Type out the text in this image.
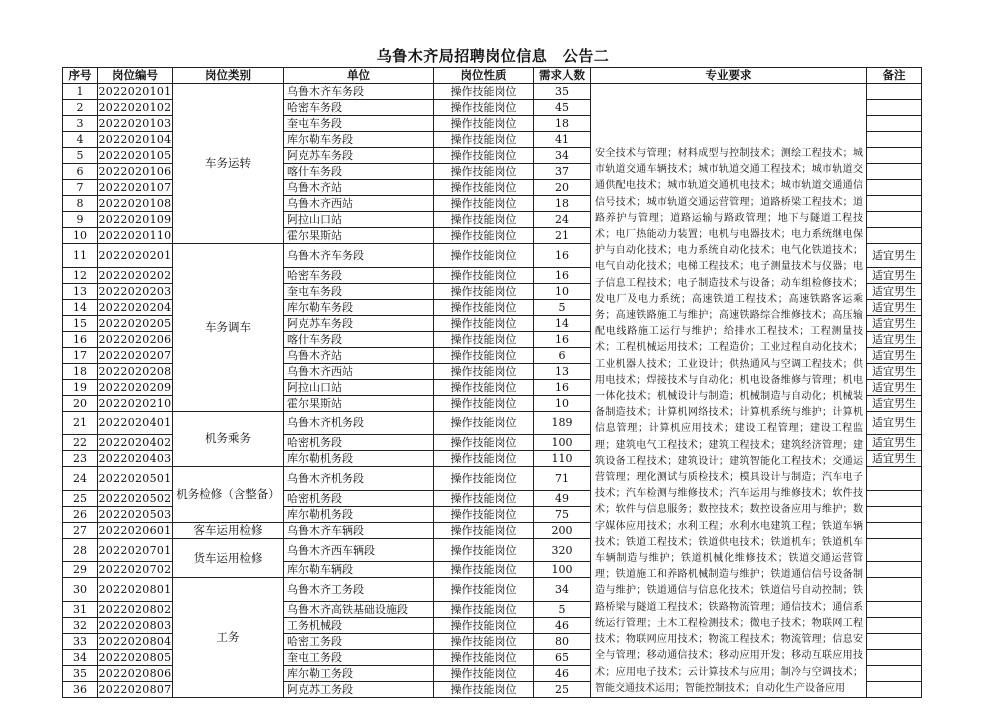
乌鲁木齐局招聘岗位信息　公告二
序号	岗位编号	岗位类别	单位	岗位性质	需求人数	专业要求	备注
1	2022020101	车务运转	乌鲁木齐车务段	操作技能岗位	35	安全技术与管理；材料成型与控制技术；测绘工程技术；城市轨道交通车辆技术；城市轨道交通工程技术；城市轨道交通供配电技术；城市轨道交通机电技术；城市轨道交通通信信号技术；城市轨道交通运营管理；道路桥梁工程技术；道路养护与管理；道路运输与路政管理；地下与隧道工程技术；电厂热能动力装置；电机与电器技术；电力系统继电保护与自动化技术；电力系统自动化技术；电气化铁道技术；电气自动化技术；电梯工程技术；电子测量技术与仪器；电子信息工程技术；电子制造技术与设备；动车组检修技术；发电厂及电力系统；高速铁道工程技术；高速铁路客运乘务；高速铁路施工与维护；高速铁路综合维修技术；高压输配电线路施工运行与维护；给排水工程技术；工程测量技术；工程机械运用技术；工程造价；工业过程自动化技术；工业机器人技术；工业设计；供热通风与空调工程技术；供用电技术；焊接技术与自动化；机电设备维修与管理；机电一体化技术；机械设计与制造；机械制造与自动化；机械装备制造技术；计算机网络技术；计算机系统与维护；计算机信息管理；计算机应用技术；建设工程管理；建设工程监理；建筑电气工程技术；建筑工程技术；建筑经济管理；建筑设备工程技术；建筑设计；建筑智能化工程技术；交通运营管理；理化测试与质检技术；模具设计与制造；汽车电子技术；汽车检测与维修技术；汽车运用与维修技术；软件技术；软件与信息服务；数控技术；数控设备应用与维护；数字媒体应用技术；水利工程；水利水电建筑工程；铁道车辆技术；铁道工程技术；铁道供电技术；铁道机车；铁道机车车辆制造与维护；铁道机械化维修技术；铁道交通运营管理；铁道施工和养路机械制造与维护；铁道通信信号设备制造与维护；铁道通信与信息化技术；铁道信号自动控制；铁路桥梁与隧道工程技术；铁路物流管理；通信技术；通信系统运行管理；土木工程检测技术；微电子技术；物联网工程技术；物联网应用技术；物流工程技术；物流管理；信息安全与管理；移动通信技术；移动应用开发；移动互联应用技术；应用电子技术；云计算技术与应用；制冷与空调技术；智能交通技术运用；智能控制技术；自动化生产设备应用	
2	2022020102		哈密车务段	操作技能岗位	45		
3	2022020103		奎屯车务段	操作技能岗位	18		
4	2022020104		库尔勒车务段	操作技能岗位	41		
5	2022020105		阿克苏车务段	操作技能岗位	34		
6	2022020106		喀什车务段	操作技能岗位	37		
7	2022020107		乌鲁木齐站	操作技能岗位	20		
8	2022020108		乌鲁木齐西站	操作技能岗位	18		
9	2022020109		阿拉山口站	操作技能岗位	24		
10	2022020110		霍尔果斯站	操作技能岗位	21		
11	2022020201	车务调车	乌鲁木齐车务段	操作技能岗位	16		适宜男生
12	2022020202		哈密车务段	操作技能岗位	16		适宜男生
13	2022020203		奎屯车务段	操作技能岗位	10		适宜男生
14	2022020204		库尔勒车务段	操作技能岗位	5		适宜男生
15	2022020205		阿克苏车务段	操作技能岗位	14		适宜男生
16	2022020206		喀什车务段	操作技能岗位	16		适宜男生
17	2022020207		乌鲁木齐站	操作技能岗位	6		适宜男生
18	2022020208		乌鲁木齐西站	操作技能岗位	13		适宜男生
19	2022020209		阿拉山口站	操作技能岗位	16		适宜男生
20	2022020210		霍尔果斯站	操作技能岗位	10		适宜男生
21	2022020401	机务乘务	乌鲁木齐机务段	操作技能岗位	189		适宜男生
22	2022020402		哈密机务段	操作技能岗位	100		适宜男生
23	2022020403		库尔勒机务段	操作技能岗位	110		适宜男生
24	2022020501	机务检修（含整备）	乌鲁木齐机务段	操作技能岗位	71		
25	2022020502		哈密机务段	操作技能岗位	49		
26	2022020503		库尔勒机务段	操作技能岗位	75		
27	2022020601	客车运用检修	乌鲁木齐车辆段	操作技能岗位	200		
28	2022020701	货车运用检修	乌鲁木齐西车辆段	操作技能岗位	320		
29	2022020702		库尔勒车辆段	操作技能岗位	100		
30	2022020801	工务	乌鲁木齐工务段	操作技能岗位	34		
31	2022020802		乌鲁木齐高铁基础设施段	操作技能岗位	5		
32	2022020803		工务机械段	操作技能岗位	46		
33	2022020804		哈密工务段	操作技能岗位	80		
34	2022020805		奎屯工务段	操作技能岗位	65		
35	2022020806		库尔勒工务段	操作技能岗位	46		
36	2022020807		阿克苏工务段	操作技能岗位	25		
